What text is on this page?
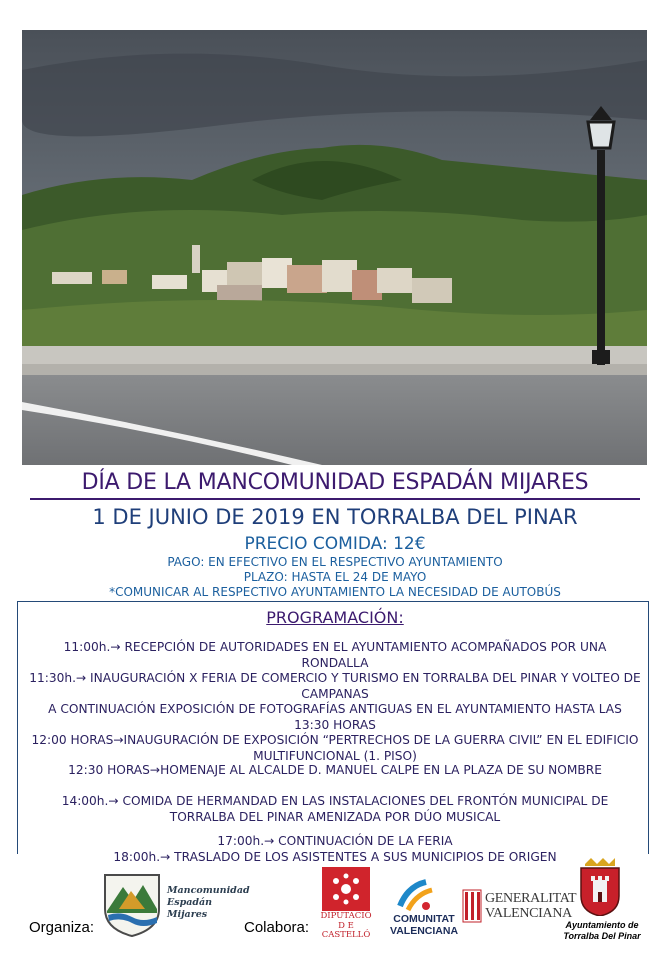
DÍA DE LA MANCOMUNIDAD ESPADÁN MIJARES
1 DE JUNIO DE 2019 EN TORRALBA DEL PINAR
PRECIO COMIDA: 12€
PAGO: EN EFECTIVO EN EL RESPECTIVO AYUNTAMIENTO
PLAZO: HASTA EL 24 DE MAYO
*COMUNICAR AL RESPECTIVO AYUNTAMIENTO LA NECESIDAD DE AUTOBÚS
PROGRAMACIÓN:
11:00h.→ RECEPCIÓN DE AUTORIDADES EN EL AYUNTAMIENTO ACOMPAÑADOS POR UNA
RONDALLA
11:30h.→ INAUGURACIÓN X FERIA DE COMERCIO Y TURISMO EN TORRALBA DEL PINAR Y VOLTEO DE
CAMPANAS
A CONTINUACIÓN EXPOSICIÓN DE FOTOGRAFÍAS ANTIGUAS EN EL AYUNTAMIENTO HASTA LAS
13:30 HORAS
12:00 HORAS→INAUGURACIÓN DE EXPOSICIÓN “PERTRECHOS DE LA GUERRA CIVIL” EN EL EDIFICIO
MULTIFUNCIONAL (1. PISO)
12:30 HORAS→HOMENAJE AL ALCALDE D. MANUEL CALPE EN LA PLAZA DE SU NOMBRE
14:00h.→ COMIDA DE HERMANDAD EN LAS INSTALACIONES DEL FRONTÓN MUNICIPAL DE
TORRALBA DEL PINAR AMENIZADA POR DÚO MUSICAL
17:00h.→ CONTINUACIÓN DE LA FERIA
18:00h.→ TRASLADO DE LOS ASISTENTES A SUS MUNICIPIOS DE ORIGEN
Organiza:
Mancomunidad
Espadán
Mijares
Colabora:
DIPUTACIÓ
D E
CASTELLÓ
COMUNITAT
VALENCIANA
GENERALITAT
VALENCIANA
Ayuntamiento de
Torralba Del Pinar
